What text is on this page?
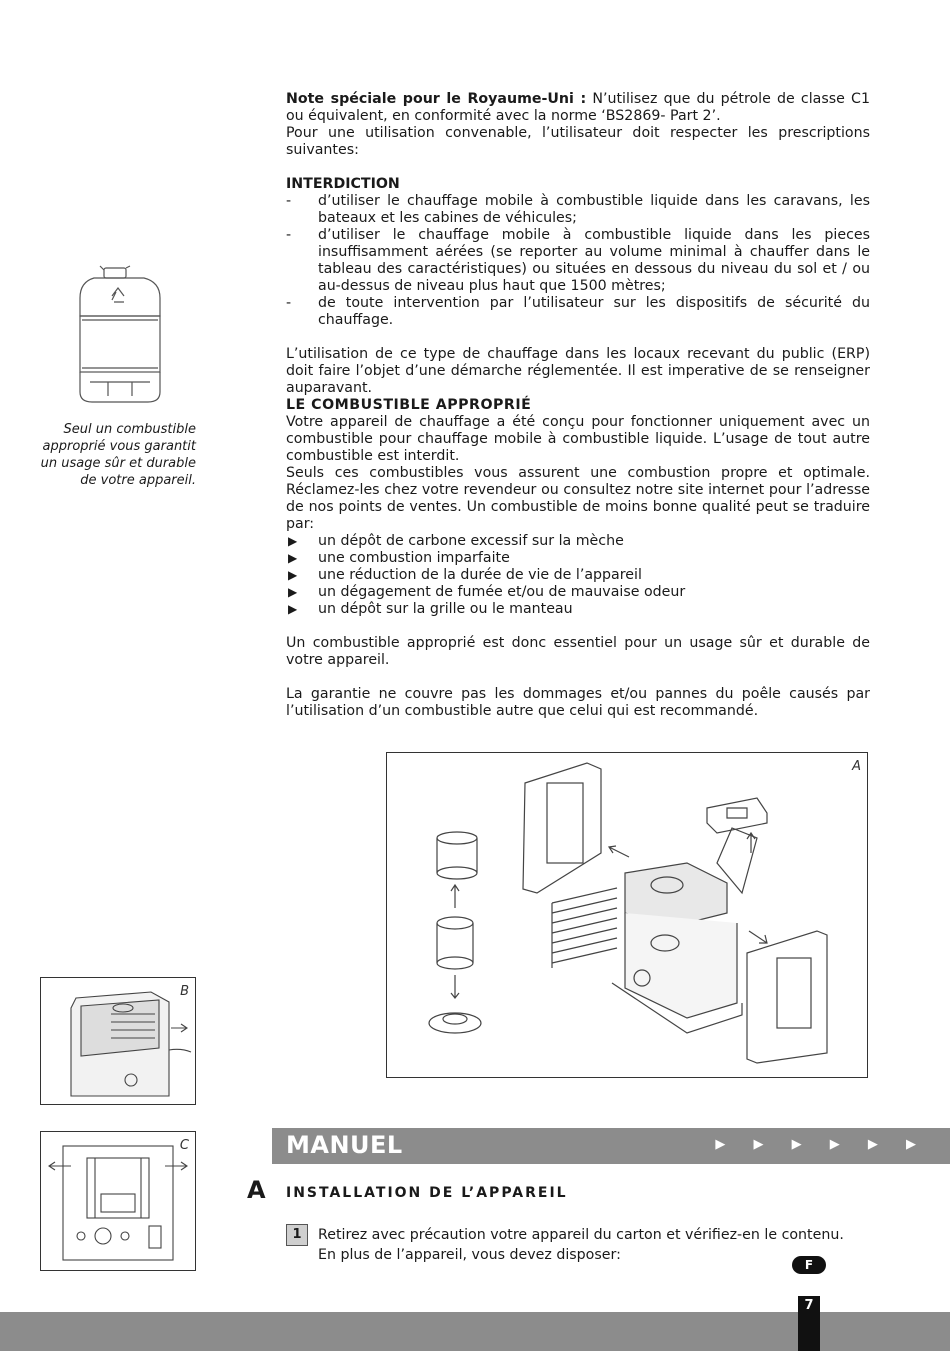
Note spéciale pour le Royaume-Uni : N’utilisez que du pétrole de classe C1 ou équivalent, en conformité avec la norme ‘BS2869- Part 2’.

Pour une utilisation convenable, l’utilisateur doit respecter les prescriptions suivantes:

INTERDICTION

- d’utiliser le chauffage mobile à combustible liquide dans les caravans, les bateaux et les cabines de véhicules;
- d’utiliser le chauffage mobile à combustible liquide dans les pieces insuffisamment aérées (se reporter au volume minimal à chauffer dans le tableau des caractéristiques) ou situées en dessous du niveau du sol et / ou au-dessus de niveau plus haut que 1500 mètres;
- de toute intervention par l’utilisateur sur les dispositifs de sécurité du chauffage.

L’utilisation de ce type de chauffage dans les locaux recevant du public (ERP) doit faire l’objet d’une démarche réglementée. Il est imperative de se renseigner auparavant.

LE COMBUSTIBLE APPROPRIÉ

Votre appareil de chauffage a été conçu pour fonctionner uniquement avec un combustible pour chauffage mobile à combustible liquide. L’usage de tout autre combustible est interdit.

Seuls ces combustibles vous assurent une combustion propre et optimale. Réclamez-les chez votre revendeur ou consultez notre site internet pour l’adresse de nos points de ventes. Un combustible de moins bonne qualité peut se traduire par:

▶ un dépôt de carbone excessif sur la mèche
▶ une combustion imparfaite
▶ une réduction de la durée de vie de l’appareil
▶ un dégagement de fumée et/ou de mauvaise odeur
▶ un dépôt sur la grille ou le manteau

Un combustible approprié est donc essentiel pour un usage sûr et durable de votre appareil.

La garantie ne couvre pas les dommages et/ou pannes du poêle causés par l’utilisation d’un combustible autre que celui qui est recommandé.

Seul un combustible approprié vous garantit un usage sûr et durable de votre appareil.
A
B
C	MANUEL	▶ ▶ ▶ ▶ ▶ ▶
A INSTALLATION DE L’APPAREIL
1	Retirez avec précaution votre appareil du carton et vérifiez-en le contenu.
En plus de l’appareil, vous devez disposer:
F
7
